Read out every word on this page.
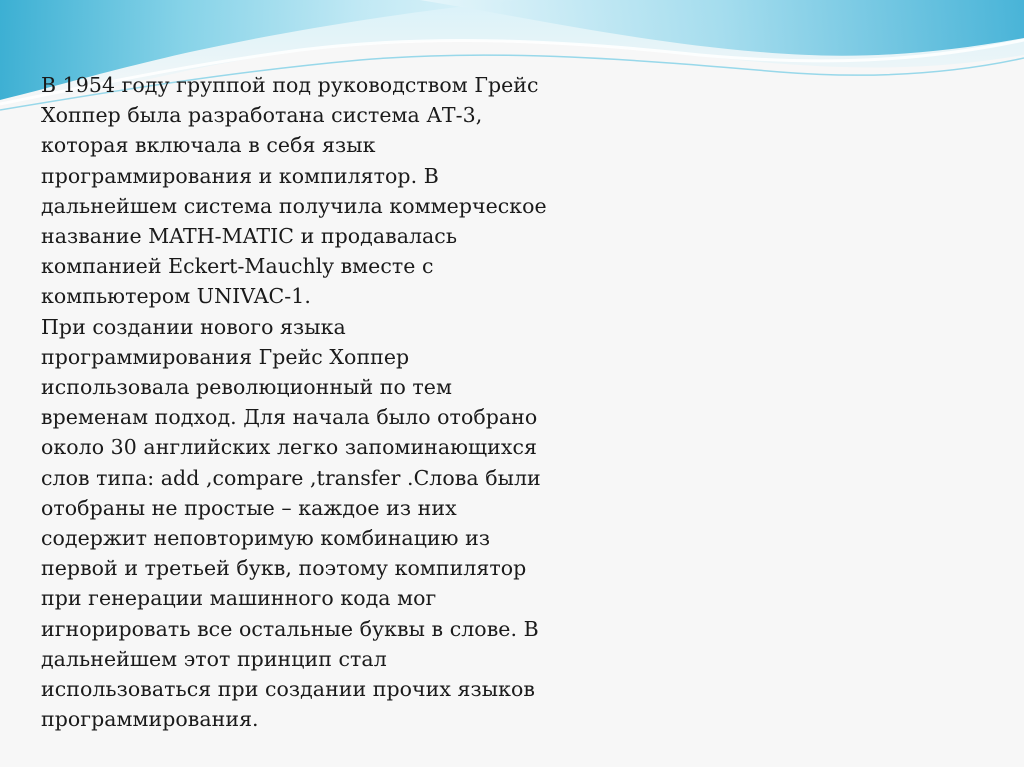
В 1954 году группой под руководством Грейс
Хоппер была разработана система АТ-3,
которая включала в себя язык
программирования и компилятор. В
дальнейшем система получила коммерческое
название MATH-MATIC и продавалась
компанией Eckert-Mauchly вместе с
компьютером UNIVAC-1.
При создании нового языка
программирования Грейс Хоппер
использовала революционный по тем
временам подход. Для начала было отобрано
около 30 английских легко запоминающихся
слов типа: add ,compare ,transfer .Слова были
отобраны не простые – каждое из них
содержит неповторимую комбинацию из
первой и третьей букв, поэтому компилятор
при генерации машинного кода мог
игнорировать все остальные буквы в слове. В
дальнейшем этот принцип стал
использоваться при создании прочих языков
программирования.
